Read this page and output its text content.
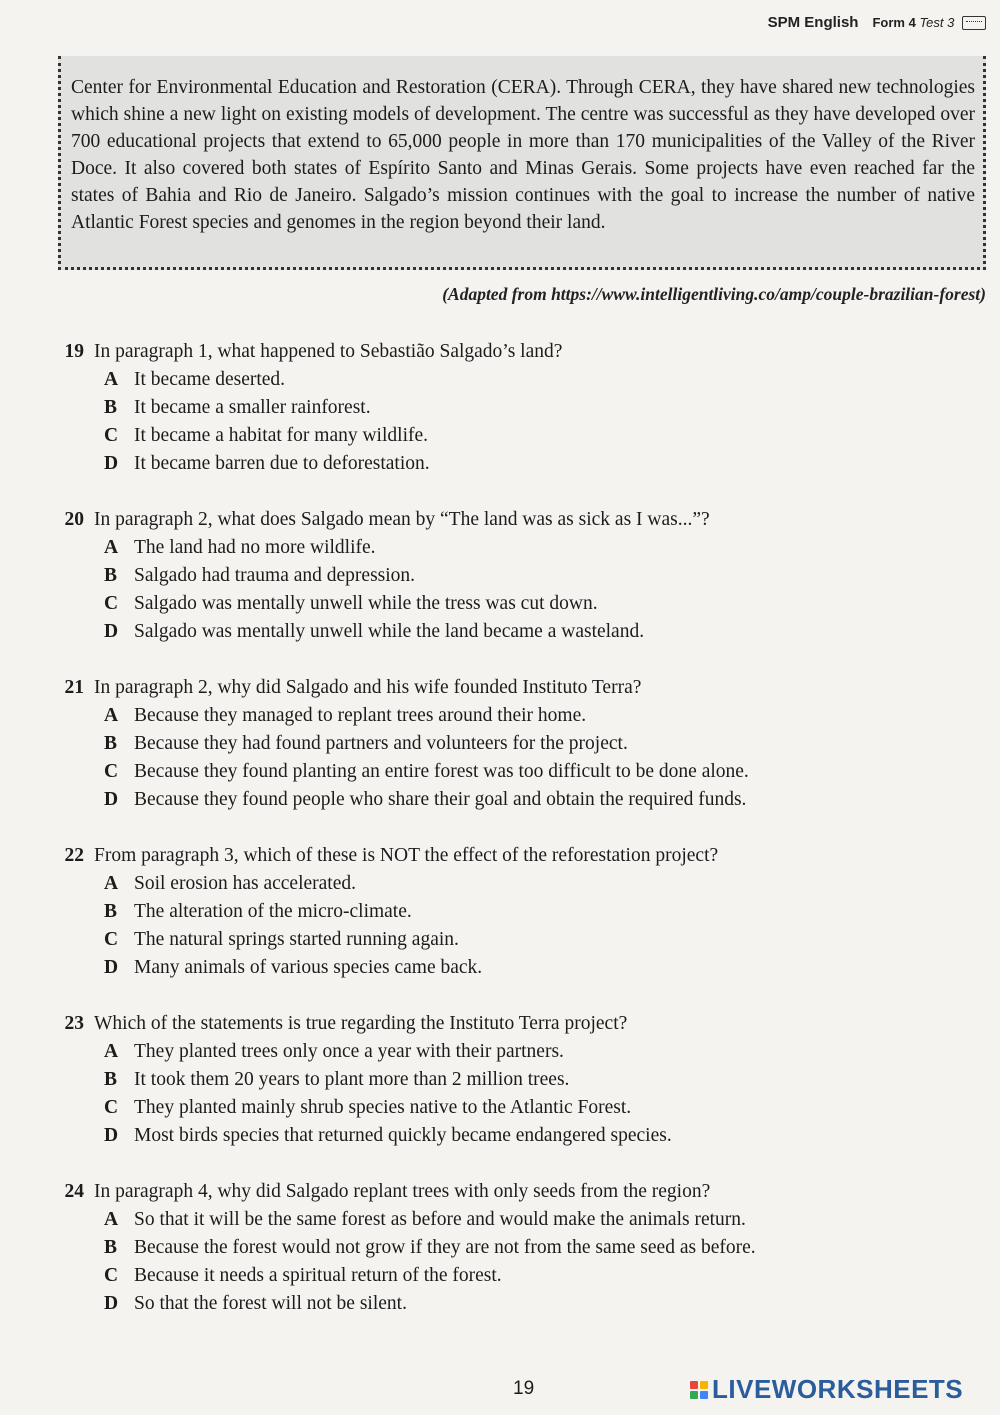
SPM English Form 4 Test 3

Center for Environmental Education and Restoration (CERA). Through CERA, they have shared new technologies which shine a new light on existing models of development. The centre was successful as they have developed over 700 educational projects that extend to 65,000 people in more than 170 municipalities of the Valley of the River Doce. It also covered both states of Espírito Santo and Minas Gerais. Some projects have even reached far the states of Bahia and Rio de Janeiro. Salgado’s mission continues with the goal to increase the number of native Atlantic Forest species and genomes in the region beyond their land.

(Adapted from https://www.intelligentliving.co/amp/couple-brazilian-forest)
19 In paragraph 1, what happened to Sebastião Salgado’s land?
A It became deserted.
B It became a smaller rainforest.
C It became a habitat for many wildlife.
D It became barren due to deforestation.
20 In paragraph 2, what does Salgado mean by “The land was as sick as I was...”?
A The land had no more wildlife.
B Salgado had trauma and depression.
C Salgado was mentally unwell while the tress was cut down.
D Salgado was mentally unwell while the land became a wasteland.
21 In paragraph 2, why did Salgado and his wife founded Instituto Terra?
A Because they managed to replant trees around their home.
B Because they had found partners and volunteers for the project.
C Because they found planting an entire forest was too difficult to be done alone.
D Because they found people who share their goal and obtain the required funds.
22 From paragraph 3, which of these is NOT the effect of the reforestation project?
A Soil erosion has accelerated.
B The alteration of the micro-climate.
C The natural springs started running again.
D Many animals of various species came back.
23 Which of the statements is true regarding the Instituto Terra project?
A They planted trees only once a year with their partners.
B It took them 20 years to plant more than 2 million trees.
C They planted mainly shrub species native to the Atlantic Forest.
D Most birds species that returned quickly became endangered species.
24 In paragraph 4, why did Salgado replant trees with only seeds from the region?
A So that it will be the same forest as before and would make the animals return.
B Because the forest would not grow if they are not from the same seed as before.
C Because it needs a spiritual return of the forest.
D So that the forest will not be silent.
19	LIVEWORKSHEETS
